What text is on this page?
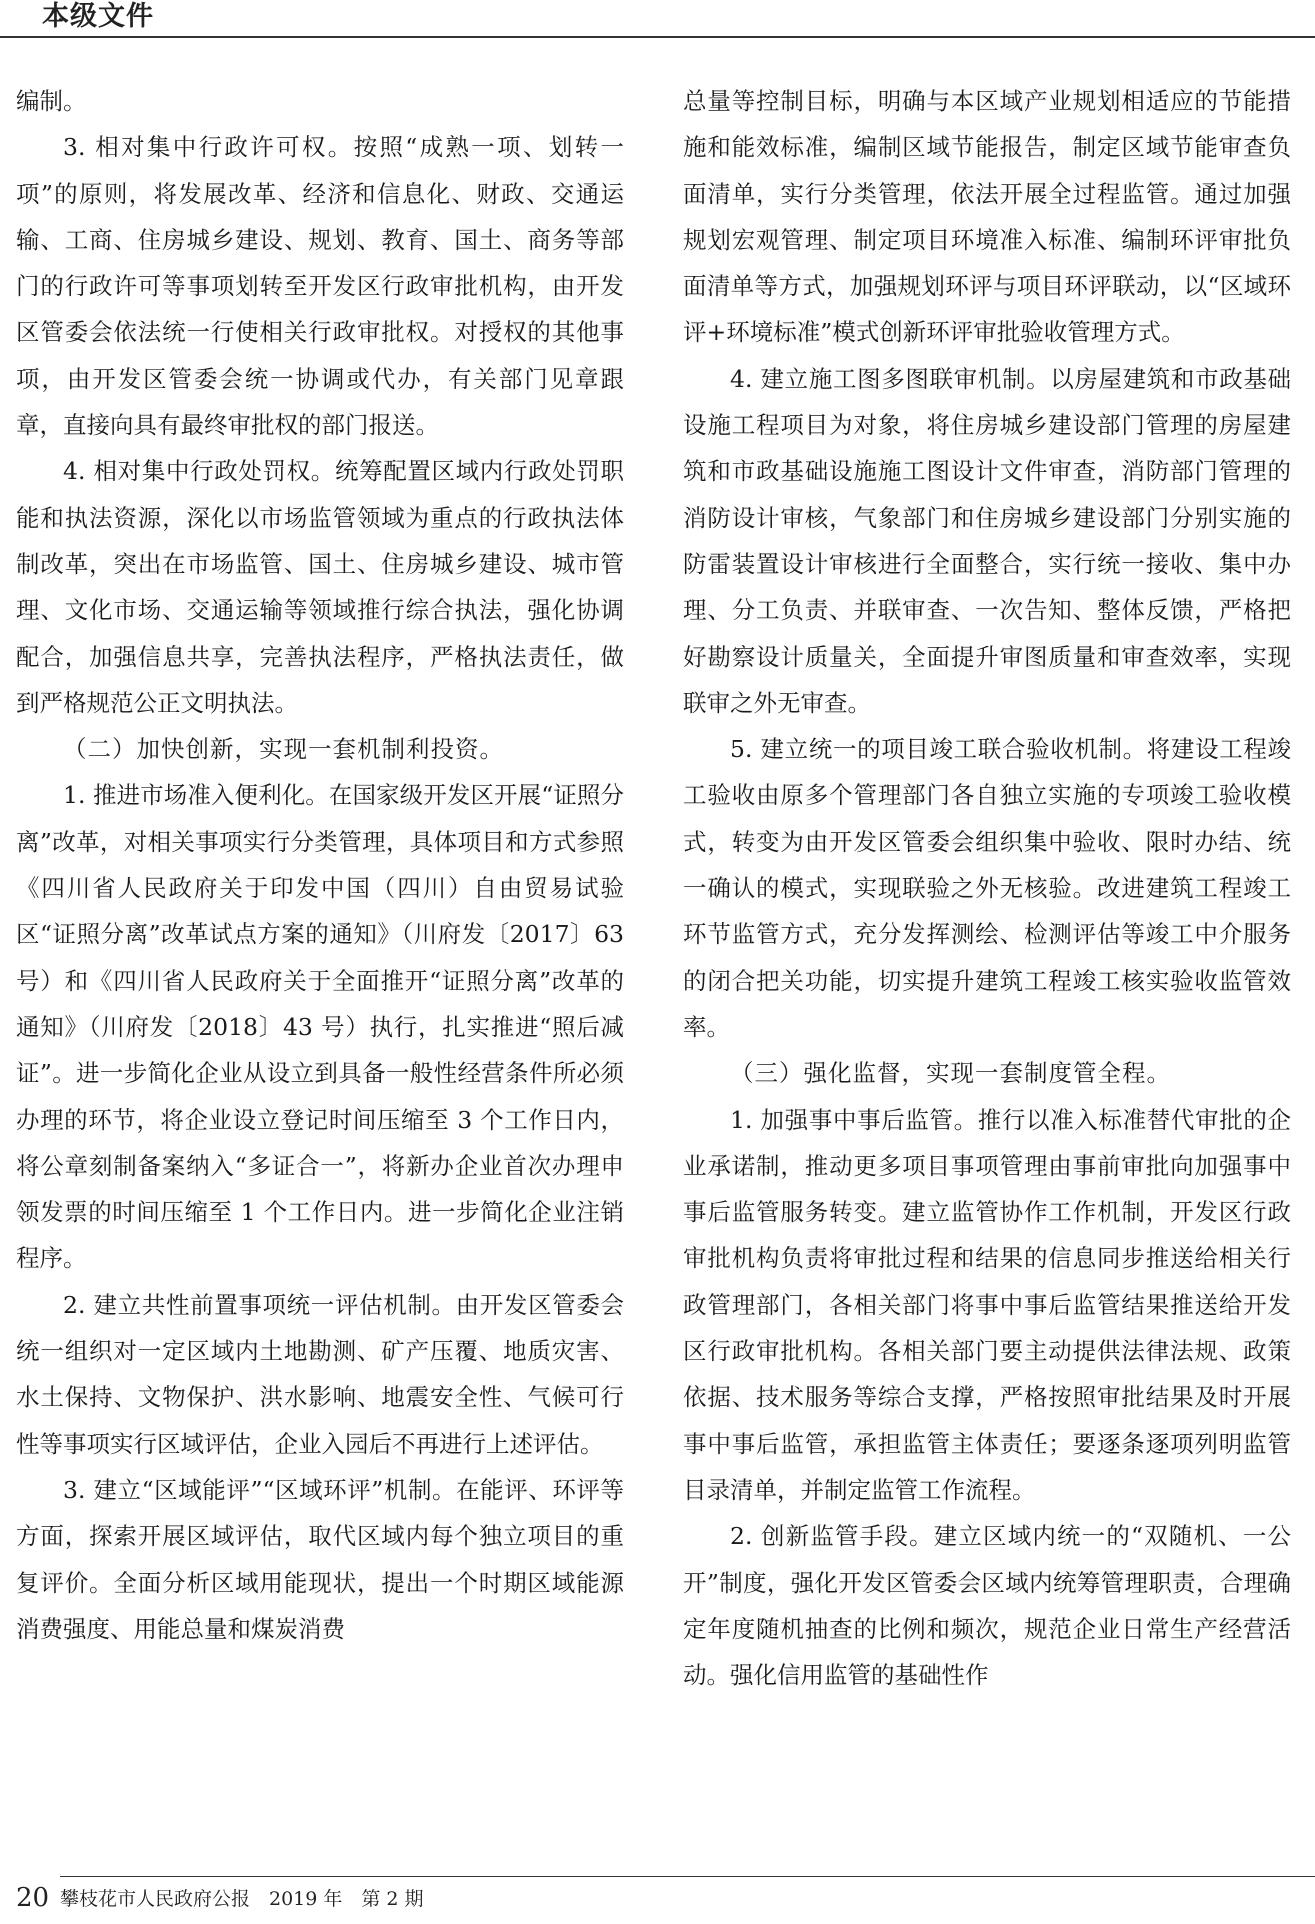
本级文件

编制。

3. 相对集中行政许可权。按照“成熟一项、划转一项”的原则，将发展改革、经济和信息化、财政、交通运输、工商、住房城乡建设、规划、教育、国土、商务等部门的行政许可等事项划转至开发区行政审批机构，由开发区管委会依法统一行使相关行政审批权。对授权的其他事项，由开发区管委会统一协调或代办，有关部门见章跟章，直接向具有最终审批权的部门报送。

4. 相对集中行政处罚权。统筹配置区域内行政处罚职能和执法资源，深化以市场监管领域为重点的行政执法体制改革，突出在市场监管、国土、住房城乡建设、城市管理、文化市场、交通运输等领域推行综合执法，强化协调配合，加强信息共享，完善执法程序，严格执法责任，做到严格规范公正文明执法。

（二）加快创新，实现一套机制利投资。

1. 推进市场准入便利化。在国家级开发区开展“证照分离”改革，对相关事项实行分类管理，具体项目和方式参照《四川省人民政府关于印发中国（四川）自由贸易试验区“证照分离”改革试点方案的通知》（川府发〔2017〕63 号）和《四川省人民政府关于全面推开“证照分离”改革的通知》（川府发〔2018〕43 号）执行，扎实推进“照后减证”。进一步简化企业从设立到具备一般性经营条件所必须办理的环节，将企业设立登记时间压缩至 3 个工作日内，将公章刻制备案纳入“多证合一”，将新办企业首次办理申领发票的时间压缩至 1 个工作日内。进一步简化企业注销程序。

2. 建立共性前置事项统一评估机制。由开发区管委会统一组织对一定区域内土地勘测、矿产压覆、地质灾害、水土保持、文物保护、洪水影响、地震安全性、气候可行性等事项实行区域评估，企业入园后不再进行上述评估。

3. 建立“区域能评”“区域环评”机制。在能评、环评等方面，探索开展区域评估，取代区域内每个独立项目的重复评价。全面分析区域用能现状，提出一个时期区域能源消费强度、用能总量和煤炭消费

总量等控制目标，明确与本区域产业规划相适应的节能措施和能效标准，编制区域节能报告，制定区域节能审查负面清单，实行分类管理，依法开展全过程监管。通过加强规划宏观管理、制定项目环境准入标准、编制环评审批负面清单等方式，加强规划环评与项目环评联动，以“区域环评+环境标准”模式创新环评审批验收管理方式。

4. 建立施工图多图联审机制。以房屋建筑和市政基础设施工程项目为对象，将住房城乡建设部门管理的房屋建筑和市政基础设施施工图设计文件审查，消防部门管理的消防设计审核，气象部门和住房城乡建设部门分别实施的防雷装置设计审核进行全面整合，实行统一接收、集中办理、分工负责、并联审查、一次告知、整体反馈，严格把好勘察设计质量关，全面提升审图质量和审查效率，实现联审之外无审查。

5. 建立统一的项目竣工联合验收机制。将建设工程竣工验收由原多个管理部门各自独立实施的专项竣工验收模式，转变为由开发区管委会组织集中验收、限时办结、统一确认的模式，实现联验之外无核验。改进建筑工程竣工环节监管方式，充分发挥测绘、检测评估等竣工中介服务的闭合把关功能，切实提升建筑工程竣工核实验收监管效率。

（三）强化监督，实现一套制度管全程。

1. 加强事中事后监管。推行以准入标准替代审批的企业承诺制，推动更多项目事项管理由事前审批向加强事中事后监管服务转变。建立监管协作工作机制，开发区行政审批机构负责将审批过程和结果的信息同步推送给相关行政管理部门，各相关部门将事中事后监管结果推送给开发区行政审批机构。各相关部门要主动提供法律法规、政策依据、技术服务等综合支撑，严格按照审批结果及时开展事中事后监管，承担监管主体责任；要逐条逐项列明监管目录清单，并制定监管工作流程。

2. 创新监管手段。建立区域内统一的“双随机、一公开”制度，强化开发区管委会区域内统筹管理职责，合理确定年度随机抽查的比例和频次，规范企业日常生产经营活动。强化信用监管的基础性作

20 攀枝花市人民政府公报　2019 年　第 2 期
